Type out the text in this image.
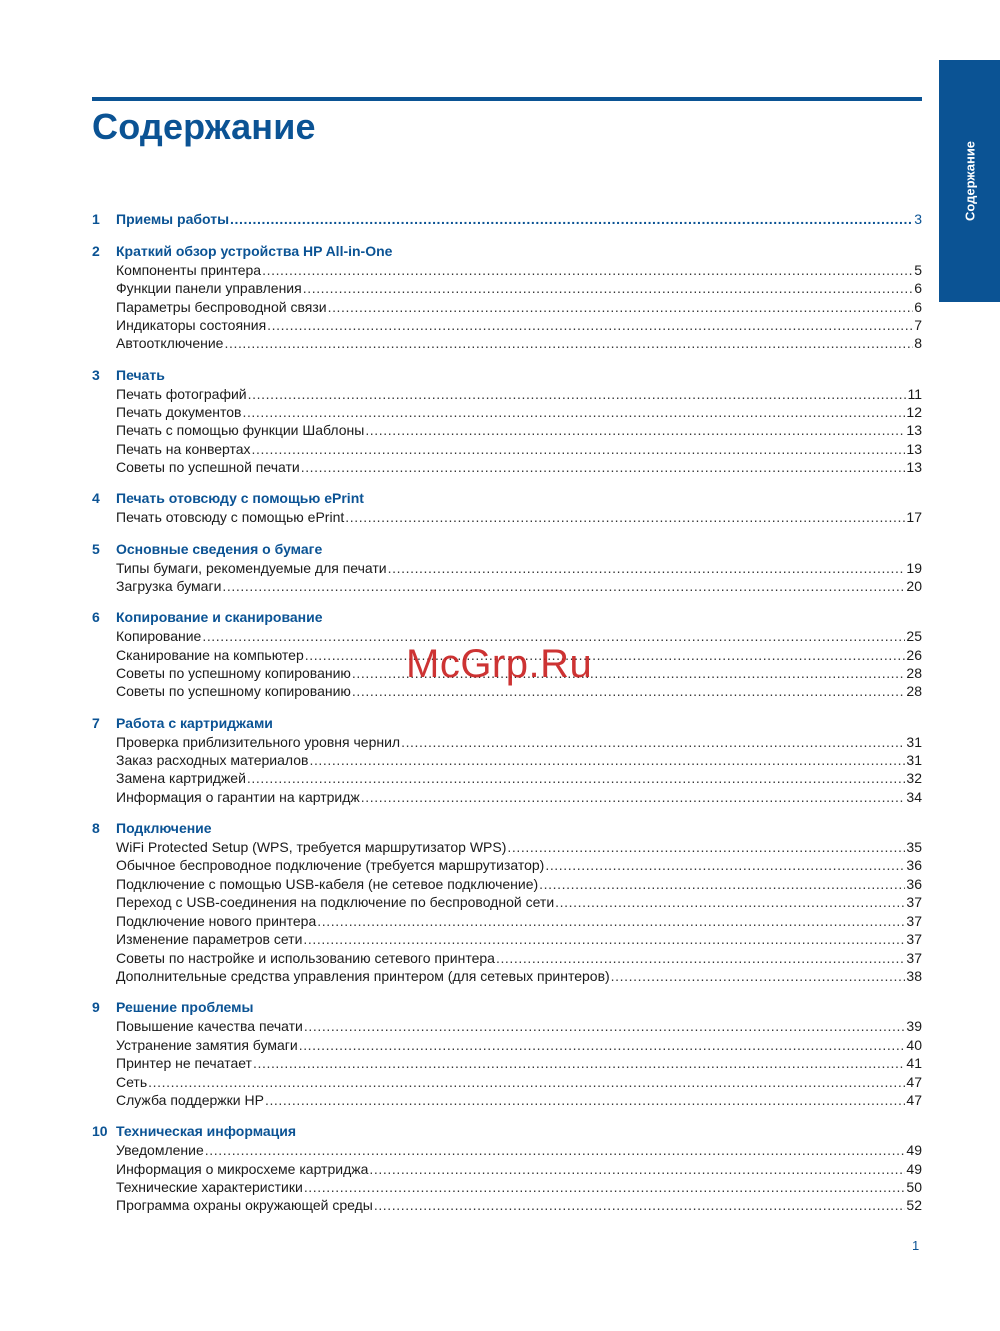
Содержание
Содержание
1	Приемы работы .....	3
2	Краткий обзор устройства HP All-in-One
Компоненты принтера .....	5
Функции панели управления .....	6
Параметры беспроводной связи .....	6
Индикаторы состояния .....	7
Автоотключение .....	8
3	Печать
Печать фотографий .....	11
Печать документов .....	12
Печать с помощью функции Шаблоны .....	13
Печать на конвертах .....	13
Советы по успешной печати .....	13
4	Печать отовсюду с помощью ePrint
Печать отовсюду с помощью ePrint .....	17
5	Основные сведения о бумаге
Типы бумаги, рекомендуемые для печати .....	19
Загрузка бумаги .....	20
6	Копирование и сканирование
Копирование .....	25
Сканирование на компьютер .....	26
Советы по успешному копированию .....	28
Советы по успешному копированию .....	28
7	Работа с картриджами
Проверка приблизительного уровня чернил .....	31
Заказ расходных материалов .....	31
Замена картриджей .....	32
Информация о гарантии на картридж .....	34
8	Подключение
WiFi Protected Setup (WPS, требуется маршрутизатор WPS) .....	35
Обычное беспроводное подключение (требуется маршрутизатор) .....	36
Подключение с помощью USB-кабеля (не сетевое подключение) .....	36
Переход с USB-соединения на подключение по беспроводной сети .....	37
Подключение нового принтера .....	37
Изменение параметров сети .....	37
Советы по настройке и использованию сетевого принтера .....	37
Дополнительные средства управления принтером (для сетевых принтеров) .....	38
9	Решение проблемы
Повышение качества печати .....	39
Устранение замятия бумаги .....	40
Принтер не печатает .....	41
Сеть .....	47
Служба поддержки HP .....	47
10 Техническая информация
Уведомление .....	49
Информация о микросхеме картриджа .....	49
Технические характеристики .....	50
Программа охраны окружающей среды .....	52
McGrp.Ru
1
